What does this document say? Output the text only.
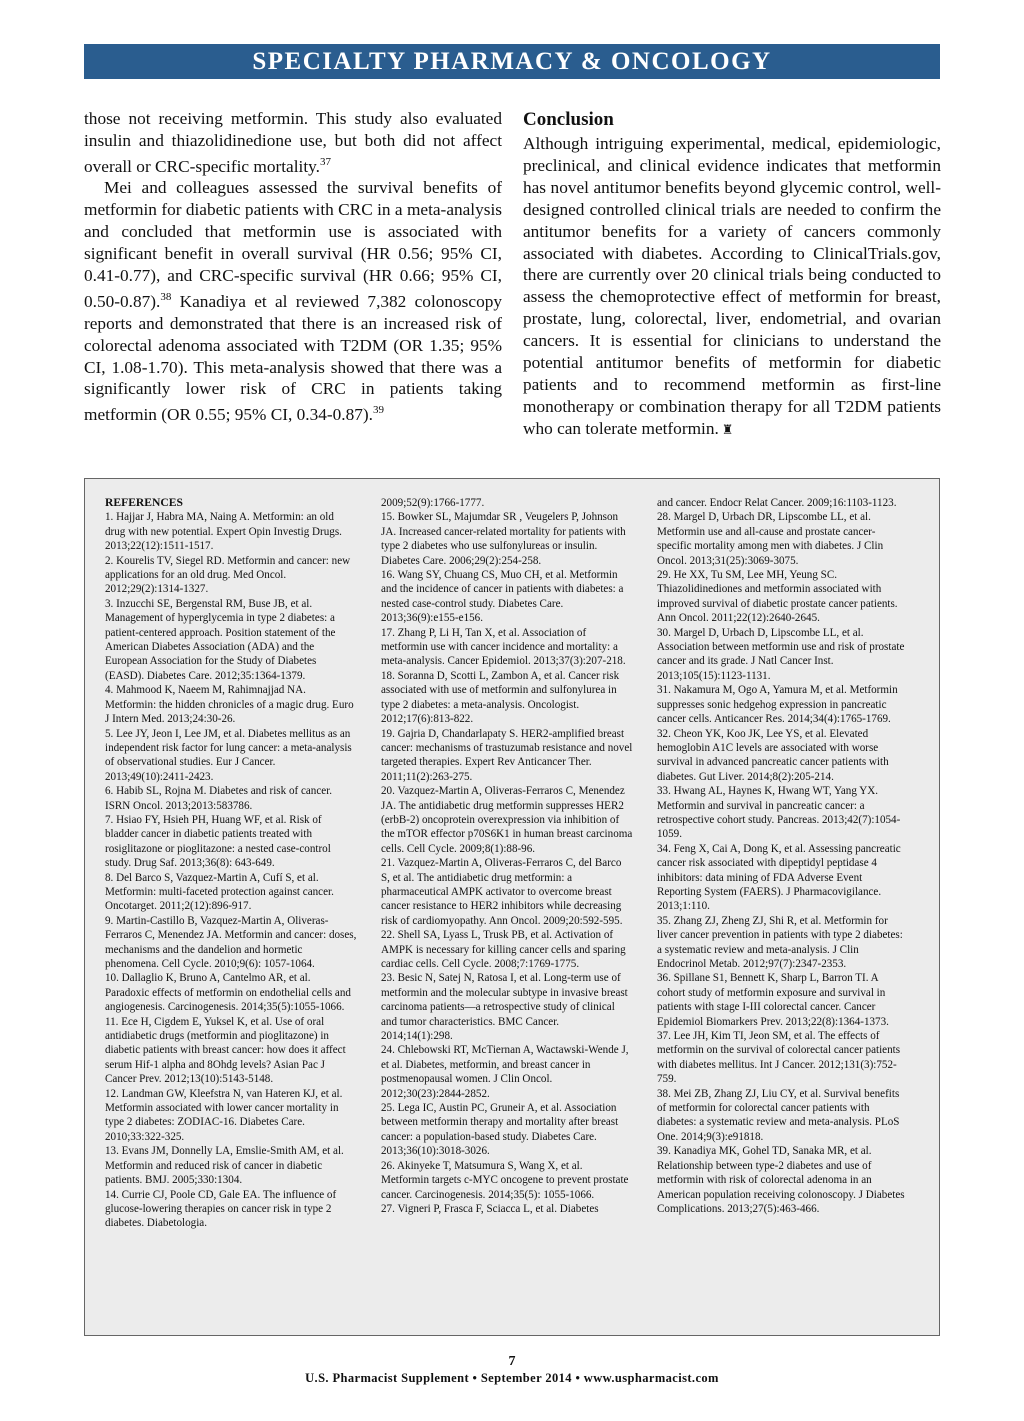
SPECIALTY PHARMACY & ONCOLOGY

those not receiving metformin. This study also evaluated insulin and thiazolidinedione use, but both did not affect overall or CRC-specific mortality.$^{37}$

Mei and colleagues assessed the survival benefits of metformin for diabetic patients with CRC in a meta-analysis and concluded that metformin use is associated with significant benefit in overall survival (HR 0.56; 95% CI, 0.41-0.77), and CRC-specific survival (HR 0.66; 95% CI, 0.50-0.87).$^{38}$ Kanadiya et al reviewed 7,382 colonoscopy reports and demonstrated that there is an increased risk of colorectal adenoma associated with T2DM (OR 1.35; 95% CI, 1.08-1.70). This meta-analysis showed that there was a significantly lower risk of CRC in patients taking metformin (OR 0.55; 95% CI, 0.34-0.87).$^{39}$

Conclusion

Although intriguing experimental, medical, epidemiologic, preclinical, and clinical evidence indicates that metformin has novel antitumor benefits beyond glycemic control, well-designed controlled clinical trials are needed to confirm the antitumor benefits for a variety of cancers commonly associated with diabetes. According to ClinicalTrials.gov, there are currently over 20 clinical trials being conducted to assess the chemoprotective effect of metformin for breast, prostate, lung, colorectal, liver, endometrial, and ovarian cancers. It is essential for clinicians to understand the potential antitumor benefits of metformin for diabetic patients and to recommend metformin as first-line monotherapy or combination therapy for all T2DM patients who can tolerate metformin. ♜

REFERENCES
1. Hajjar J, Habra MA, Naing A. Metformin: an old drug with new potential. Expert Opin Investig Drugs. 2013;22(12):1511-1517.
2. Kourelis TV, Siegel RD. Metformin and cancer: new applications for an old drug. Med Oncol. 2012;29(2):1314-1327.
3. Inzucchi SE, Bergenstal RM, Buse JB, et al. Management of hyperglycemia in type 2 diabetes: a patient-centered approach. Position statement of the American Diabetes Association (ADA) and the European Association for the Study of Diabetes (EASD). Diabetes Care. 2012;35:1364-1379.
4. Mahmood K, Naeem M, Rahimnajjad NA. Metformin: the hidden chronicles of a magic drug. Euro J Intern Med. 2013;24:30-26.
5. Lee JY, Jeon I, Lee JM, et al. Diabetes mellitus as an independent risk factor for lung cancer: a meta-analysis of observational studies. Eur J Cancer. 2013;49(10):2411-2423.
6. Habib SL, Rojna M. Diabetes and risk of cancer. ISRN Oncol. 2013;2013:583786.
7. Hsiao FY, Hsieh PH, Huang WF, et al. Risk of bladder cancer in diabetic patients treated with rosiglitazone or pioglitazone: a nested case-control study. Drug Saf. 2013;36(8): 643-649.
8. Del Barco S, Vazquez-Martin A, Cufí S, et al. Metformin: multi-faceted protection against cancer. Oncotarget. 2011;2(12):896-917.
9. Martin-Castillo B, Vazquez-Martin A, Oliveras-Ferraros C, Menendez JA. Metformin and cancer: doses, mechanisms and the dandelion and hormetic phenomena. Cell Cycle. 2010;9(6): 1057-1064.
10. Dallaglio K, Bruno A, Cantelmo AR, et al. Paradoxic effects of metformin on endothelial cells and angiogenesis. Carcinogenesis. 2014;35(5):1055-1066.
11. Ece H, Cigdem E, Yuksel K, et al. Use of oral antidiabetic drugs (metformin and pioglitazone) in diabetic patients with breast cancer: how does it affect serum Hif-1 alpha and 8Ohdg levels? Asian Pac J Cancer Prev. 2012;13(10):5143-5148.
12. Landman GW, Kleefstra N, van Hateren KJ, et al. Metformin associated with lower cancer mortality in type 2 diabetes: ZODIAC-16. Diabetes Care. 2010;33:322-325.
13. Evans JM, Donnelly LA, Emslie-Smith AM, et al. Metformin and reduced risk of cancer in diabetic patients. BMJ. 2005;330:1304.
14. Currie CJ, Poole CD, Gale EA. The influence of glucose-lowering therapies on cancer risk in type 2 diabetes. Diabetologia.
2009;52(9):1766-1777.
15. Bowker SL, Majumdar SR , Veugelers P, Johnson JA. Increased cancer-related mortality for patients with type 2 diabetes who use sulfonylureas or insulin. Diabetes Care. 2006;29(2):254-258.
16. Wang SY, Chuang CS, Muo CH, et al. Metformin and the incidence of cancer in patients with diabetes: a nested case-control study. Diabetes Care. 2013;36(9):e155-e156.
17. Zhang P, Li H, Tan X, et al. Association of metformin use with cancer incidence and mortality: a meta-analysis. Cancer Epidemiol. 2013;37(3):207-218.
18. Soranna D, Scotti L, Zambon A, et al. Cancer risk associated with use of metformin and sulfonylurea in type 2 diabetes: a meta-analysis. Oncologist. 2012;17(6):813-822.
19. Gajria D, Chandarlapaty S. HER2-amplified breast cancer: mechanisms of trastuzumab resistance and novel targeted therapies. Expert Rev Anticancer Ther. 2011;11(2):263-275.
20. Vazquez-Martin A, Oliveras-Ferraros C, Menendez JA. The antidiabetic drug metformin suppresses HER2 (erbB-2) oncoprotein overexpression via inhibition of the mTOR effector p70S6K1 in human breast carcinoma cells. Cell Cycle. 2009;8(1):88-96.
21. Vazquez-Martin A, Oliveras-Ferraros C, del Barco S, et al. The antidiabetic drug metformin: a pharmaceutical AMPK activator to overcome breast cancer resistance to HER2 inhibitors while decreasing risk of cardiomyopathy. Ann Oncol. 2009;20:592-595.
22. Shell SA, Lyass L, Trusk PB, et al. Activation of AMPK is necessary for killing cancer cells and sparing cardiac cells. Cell Cycle. 2008;7:1769-1775.
23. Besic N, Satej N, Ratosa I, et al. Long-term use of metformin and the molecular subtype in invasive breast carcinoma patients—a retrospective study of clinical and tumor characteristics. BMC Cancer. 2014;14(1):298.
24. Chlebowski RT, McTiernan A, Wactawski-Wende J, et al. Diabetes, metformin, and breast cancer in postmenopausal women. J Clin Oncol. 2012;30(23):2844-2852.
25. Lega IC, Austin PC, Gruneir A, et al. Association between metformin therapy and mortality after breast cancer: a population-based study. Diabetes Care. 2013;36(10):3018-3026.
26. Akinyeke T, Matsumura S, Wang X, et al. Metformin targets c-MYC oncogene to prevent prostate cancer. Carcinogenesis. 2014;35(5): 1055-1066.
27. Vigneri P, Frasca F, Sciacca L, et al. Diabetes
and cancer. Endocr Relat Cancer. 2009;16:1103-1123.
28. Margel D, Urbach DR, Lipscombe LL, et al. Metformin use and all-cause and prostate cancer-specific mortality among men with diabetes. J Clin Oncol. 2013;31(25):3069-3075.
29. He XX, Tu SM, Lee MH, Yeung SC. Thiazolidinediones and metformin associated with improved survival of diabetic prostate cancer patients. Ann Oncol. 2011;22(12):2640-2645.
30. Margel D, Urbach D, Lipscombe LL, et al. Association between metformin use and risk of prostate cancer and its grade. J Natl Cancer Inst. 2013;105(15):1123-1131.
31. Nakamura M, Ogo A, Yamura M, et al. Metformin suppresses sonic hedgehog expression in pancreatic cancer cells. Anticancer Res. 2014;34(4):1765-1769.
32. Cheon YK, Koo JK, Lee YS, et al. Elevated hemoglobin A1C levels are associated with worse survival in advanced pancreatic cancer patients with diabetes. Gut Liver. 2014;8(2):205-214.
33. Hwang AL, Haynes K, Hwang WT, Yang YX. Metformin and survival in pancreatic cancer: a retrospective cohort study. Pancreas. 2013;42(7):1054-1059.
34. Feng X, Cai A, Dong K, et al. Assessing pancreatic cancer risk associated with dipeptidyl peptidase 4 inhibitors: data mining of FDA Adverse Event Reporting System (FAERS). J Pharmacovigilance. 2013;1:110.
35. Zhang ZJ, Zheng ZJ, Shi R, et al. Metformin for liver cancer prevention in patients with type 2 diabetes: a systematic review and meta-analysis. J Clin Endocrinol Metab. 2012;97(7):2347-2353.
36. Spillane S1, Bennett K, Sharp L, Barron TI. A cohort study of metformin exposure and survival in patients with stage I-III colorectal cancer. Cancer Epidemiol Biomarkers Prev. 2013;22(8):1364-1373.
37. Lee JH, Kim TI, Jeon SM, et al. The effects of metformin on the survival of colorectal cancer patients with diabetes mellitus. Int J Cancer. 2012;131(3):752-759.
38. Mei ZB, Zhang ZJ, Liu CY, et al. Survival benefits of metformin for colorectal cancer patients with diabetes: a systematic review and meta-analysis. PLoS One. 2014;9(3):e91818.
39. Kanadiya MK, Gohel TD, Sanaka MR, et al. Relationship between type-2 diabetes and use of metformin with risk of colorectal adenoma in an American population receiving colonoscopy. J Diabetes Complications. 2013;27(5):463-466.
7
U.S. Pharmacist Supplement • September 2014 • www.uspharmacist.com
